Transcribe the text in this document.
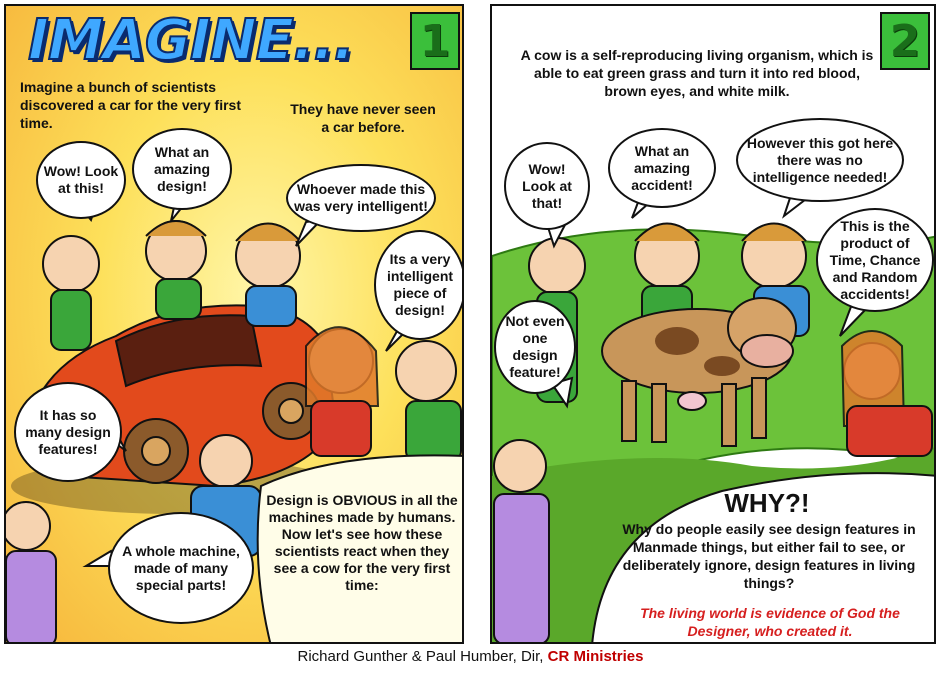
IMAGINE... 1
Imagine a bunch of scientists discovered a car for the very first time.
They have never seen a car before.
Wow! Look at this!
What an amazing design!	Whoever made this was very intelligent!
Its a very intelligent piece of design!
It has so many design features!
A whole machine, made of many special parts!
Design is OBVIOUS in all the machines made by humans. Now let's see how these scientists react when they see a cow for the very first time:
2
A cow is a self-reproducing living organism, which is able to eat green grass and turn it into red blood, brown eyes, and white milk.
Wow! Look at that!
What an amazing accident!
However this got here there was no intelligence needed!
This is the product of Time, Chance and Random accidents!
Not even one design feature!
WHY?!
Why do people easily see design features in Manmade things, but either fail to see, or deliberately ignore, design features in living things?
The living world is evidence of God the Designer, who created it.
Richard Gunther & Paul Humber, Dir, CR Ministries
